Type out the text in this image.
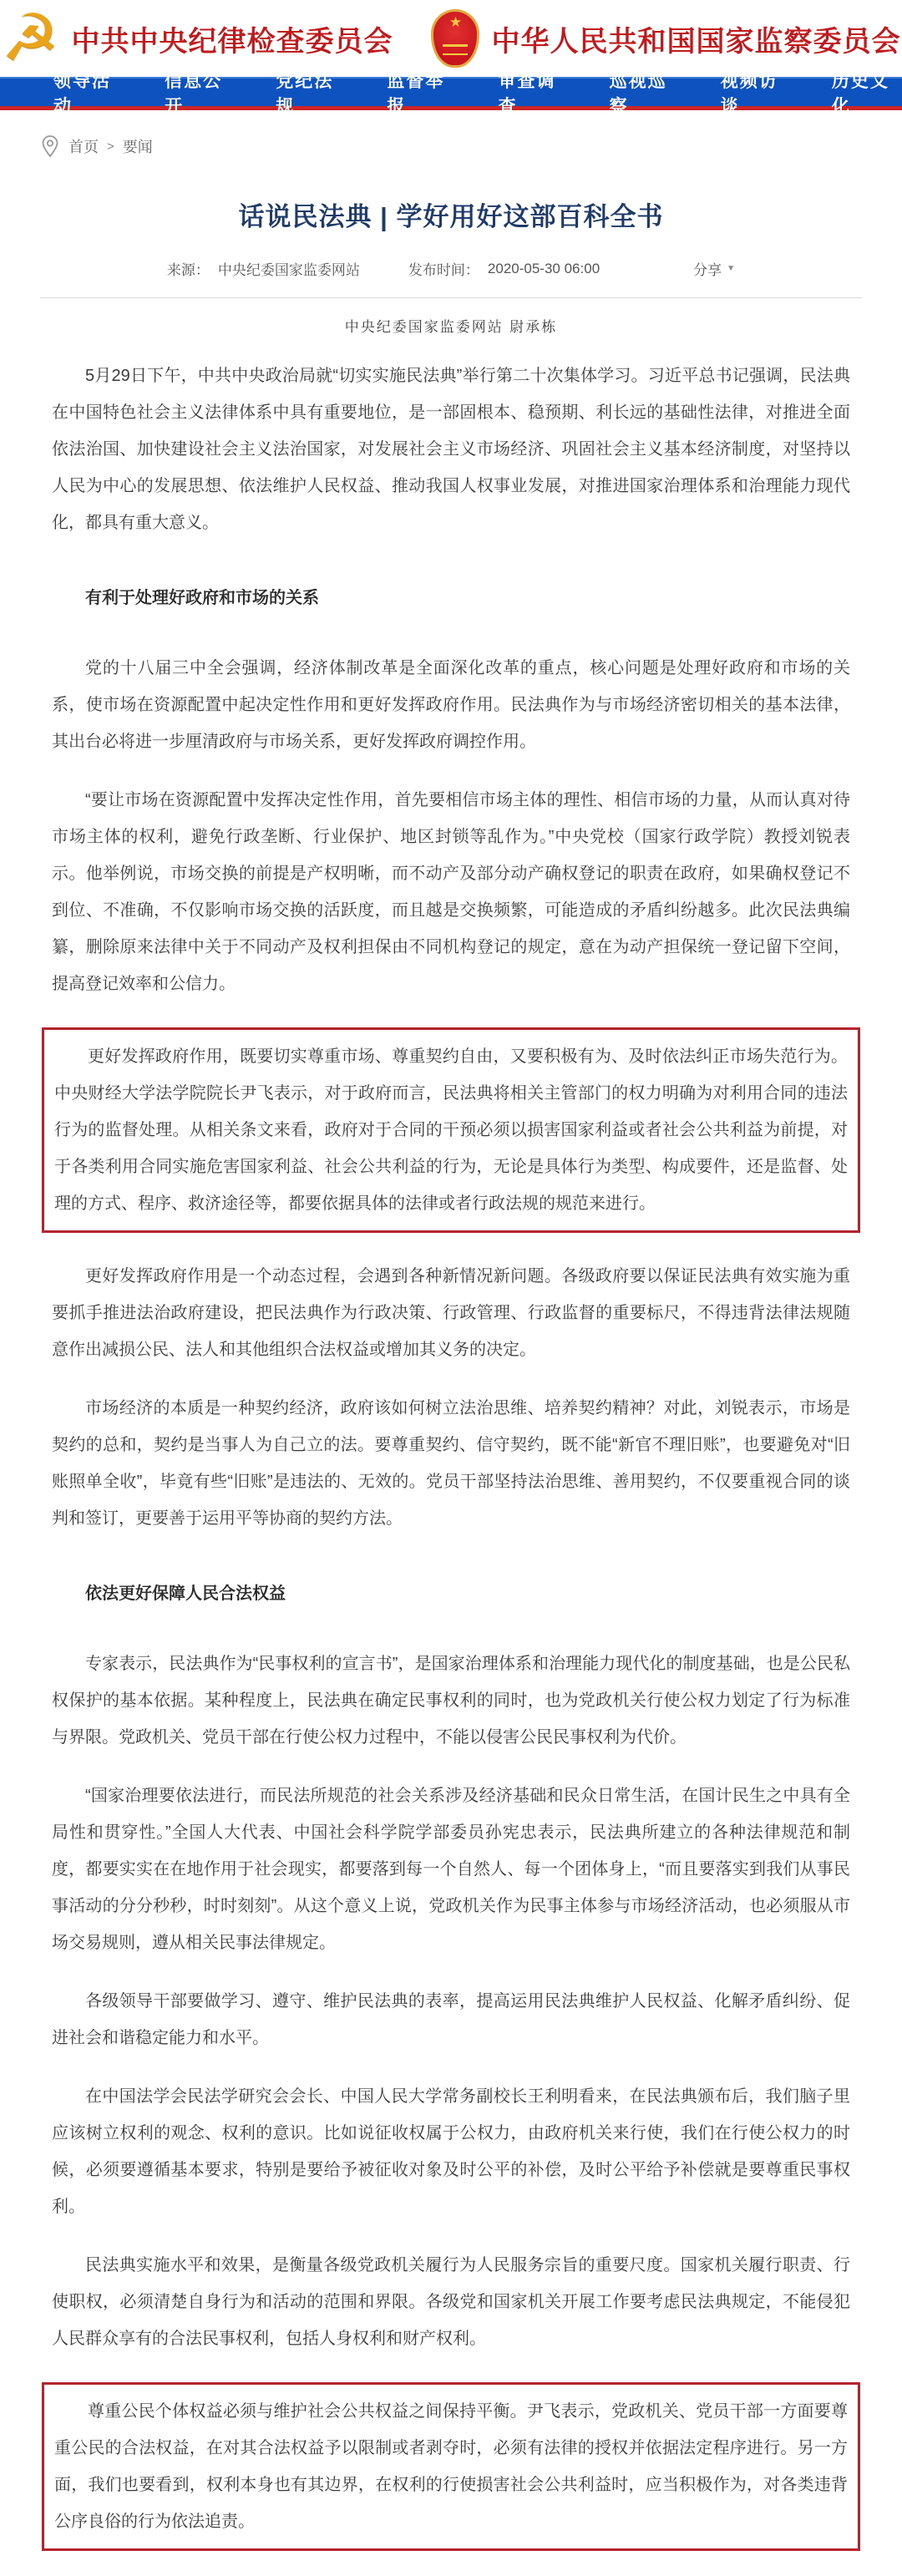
☭ 中共中央纪律检查委员会
★
中华人民共和国国家监察委员会
领导活动
信息公开
党纪法规
监督举报
审查调查
巡视巡察
视频访谈
历史文化
首页 > 要闻
话说民法典 | 学好用好这部百科全书
来源： 中央纪委国家监委网站	发布时间： 2020-05-30 06:00	分享 ▼
中央纪委国家监委网站 尉承栋

5月29日下午，中共中央政治局就“切实实施民法典”举行第二十次集体学习。习近平总书记强调，民法典在中国特色社会主义法律体系中具有重要地位，是一部固根本、稳预期、利长远的基础性法律，对推进全面依法治国、加快建设社会主义法治国家，对发展社会主义市场经济、巩固社会主义基本经济制度，对坚持以人民为中心的发展思想、依法维护人民权益、推动我国人权事业发展，对推进国家治理体系和治理能力现代化，都具有重大意义。

有利于处理好政府和市场的关系

党的十八届三中全会强调，经济体制改革是全面深化改革的重点，核心问题是处理好政府和市场的关系，使市场在资源配置中起决定性作用和更好发挥政府作用。民法典作为与市场经济密切相关的基本法律，其出台必将进一步厘清政府与市场关系，更好发挥政府调控作用。

“要让市场在资源配置中发挥决定性作用，首先要相信市场主体的理性、相信市场的力量，从而认真对待市场主体的权利，避免行政垄断、行业保护、地区封锁等乱作为。”中央党校（国家行政学院）教授刘锐表示。他举例说，市场交换的前提是产权明晰，而不动产及部分动产确权登记的职责在政府，如果确权登记不到位、不准确，不仅影响市场交换的活跃度，而且越是交换频繁，可能造成的矛盾纠纷越多。此次民法典编纂，删除原来法律中关于不同动产及权利担保由不同机构登记的规定，意在为动产担保统一登记留下空间，提高登记效率和公信力。

更好发挥政府作用，既要切实尊重市场、尊重契约自由，又要积极有为、及时依法纠正市场失范行为。中央财经大学法学院院长尹飞表示，对于政府而言，民法典将相关主管部门的权力明确为对利用合同的违法行为的监督处理。从相关条文来看，政府对于合同的干预必须以损害国家利益或者社会公共利益为前提，对于各类利用合同实施危害国家利益、社会公共利益的行为，无论是具体行为类型、构成要件，还是监督、处理的方式、程序、救济途径等，都要依据具体的法律或者行政法规的规范来进行。

更好发挥政府作用是一个动态过程，会遇到各种新情况新问题。各级政府要以保证民法典有效实施为重要抓手推进法治政府建设，把民法典作为行政决策、行政管理、行政监督的重要标尺，不得违背法律法规随意作出减损公民、法人和其他组织合法权益或增加其义务的决定。

市场经济的本质是一种契约经济，政府该如何树立法治思维、培养契约精神？对此，刘锐表示，市场是契约的总和，契约是当事人为自己立的法。要尊重契约、信守契约，既不能“新官不理旧账”，也要避免对“旧账照单全收”，毕竟有些“旧账”是违法的、无效的。党员干部坚持法治思维、善用契约，不仅要重视合同的谈判和签订，更要善于运用平等协商的契约方法。

依法更好保障人民合法权益

专家表示，民法典作为“民事权利的宣言书”，是国家治理体系和治理能力现代化的制度基础，也是公民私权保护的基本依据。某种程度上，民法典在确定民事权利的同时，也为党政机关行使公权力划定了行为标准与界限。党政机关、党员干部在行使公权力过程中，不能以侵害公民民事权利为代价。

“国家治理要依法进行，而民法所规范的社会关系涉及经济基础和民众日常生活，在国计民生之中具有全局性和贯穿性。”全国人大代表、中国社会科学院学部委员孙宪忠表示，民法典所建立的各种法律规范和制度，都要实实在在地作用于社会现实，都要落到每一个自然人、每一个团体身上，“而且要落实到我们从事民事活动的分分秒秒，时时刻刻”。从这个意义上说，党政机关作为民事主体参与市场经济活动，也必须服从市场交易规则，遵从相关民事法律规定。

各级领导干部要做学习、遵守、维护民法典的表率，提高运用民法典维护人民权益、化解矛盾纠纷、促进社会和谐稳定能力和水平。

在中国法学会民法学研究会会长、中国人民大学常务副校长王利明看来，在民法典颁布后，我们脑子里应该树立权利的观念、权利的意识。比如说征收权属于公权力，由政府机关来行使，我们在行使公权力的时候，必须要遵循基本要求，特别是要给予被征收对象及时公平的补偿，及时公平给予补偿就是要尊重民事权利。

民法典实施水平和效果，是衡量各级党政机关履行为人民服务宗旨的重要尺度。国家机关履行职责、行使职权，必须清楚自身行为和活动的范围和界限。各级党和国家机关开展工作要考虑民法典规定，不能侵犯人民群众享有的合法民事权利，包括人身权利和财产权利。

尊重公民个体权益必须与维护社会公共权益之间保持平衡。尹飞表示，党政机关、党员干部一方面要尊重公民的合法权益，在对其合法权益予以限制或者剥夺时，必须有法律的授权并依据法定程序进行。另一方面，我们也要看到，权利本身也有其边界，在权利的行使损害社会公共利益时，应当积极作为，对各类违背公序良俗的行为依法追责。
